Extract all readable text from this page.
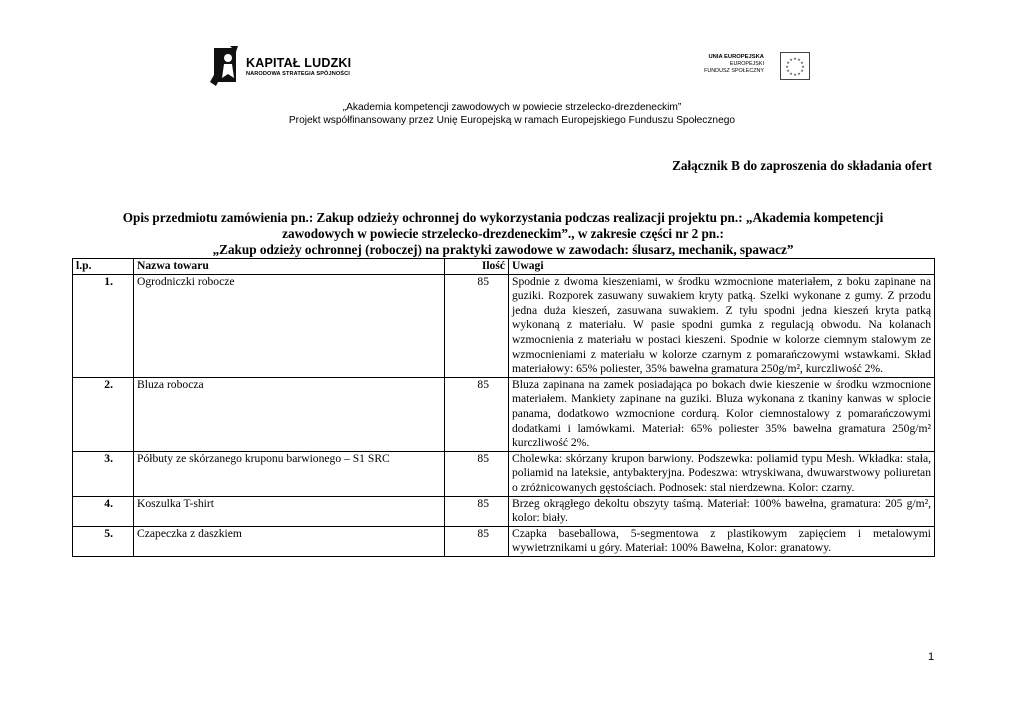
KAPITAŁ LUDZKI
NARODOWA STRATEGIA SPÓJNOŚCI
UNIA EUROPEJSKA
EUROPEJSKI
FUNDUSZ SPOŁECZNY
★ ★
★
★
★
★
★
★
★
★
★
★
„Akademia kompetencji zawodowych w powiecie strzelecko-drezdeneckim”
Projekt współfinansowany przez Unię Europejską w ramach Europejskiego Funduszu Społecznego
Załącznik B do zaproszenia do składania ofert
Opis przedmiotu zamówienia pn.: Zakup odzieży ochronnej do wykorzystania podczas realizacji projektu pn.: „Akademia kompetencji
zawodowych w powiecie strzelecko-drezdeneckim”., w zakresie części nr 2 pn.:
„Zakup odzieży ochronnej (roboczej) na praktyki zawodowe w zawodach: ślusarz, mechanik, spawacz”
l.p.	Nazwa towaru	Ilość	Uwagi
1.	Ogrodniczki robocze	85	Spodnie z dwoma kieszeniami, w środku wzmocnione materiałem, z boku zapinane na guziki. Rozporek zasuwany suwakiem kryty patką. Szelki wykonane z gumy. Z przodu jedna duża kieszeń, zasuwana suwakiem. Z tyłu spodni jedna kieszeń kryta patką wykonaną z materiału. W pasie spodni gumka z regulacją obwodu. Na kolanach wzmocnienia z materiału w postaci kieszeni. Spodnie w kolorze ciemnym stalowym ze wzmocnieniami z materiału w kolorze czarnym z pomarańczowymi wstawkami. Skład materiałowy: 65% poliester, 35% bawełna gramatura 250g/m², kurczliwość 2%.
2.	Bluza robocza	85	Bluza zapinana na zamek posiadająca po bokach dwie kieszenie w środku wzmocnione materiałem. Mankiety zapinane na guziki. Bluza wykonana z tkaniny kanwas w splocie panama, dodatkowo wzmocnione cordurą. Kolor ciemnostalowy z pomarańczowymi dodatkami i lamówkami. Materiał: 65% poliester 35% bawełna gramatura 250g/m² kurczliwość 2%.
3.	Półbuty ze skórzanego kruponu barwionego – S1 SRC	85	Cholewka: skórzany krupon barwiony. Podszewka: poliamid typu Mesh. Wkładka: stała, poliamid na lateksie, antybakteryjna. Podeszwa: wtryskiwana, dwuwarstwowy poliuretan o zróżnicowanych gęstościach. Podnosek: stal nierdzewna. Kolor: czarny.
4.	Koszulka T-shirt	85	Brzeg okrągłego dekoltu obszyty taśmą. Materiał: 100% bawełna, gramatura: 205 g/m², kolor: biały.
5.	Czapeczka z daszkiem	85	Czapka baseballowa, 5-segmentowa z plastikowym zapięciem i metalowymi wywietrznikami u góry. Materiał: 100% Bawełna, Kolor: granatowy.
1
